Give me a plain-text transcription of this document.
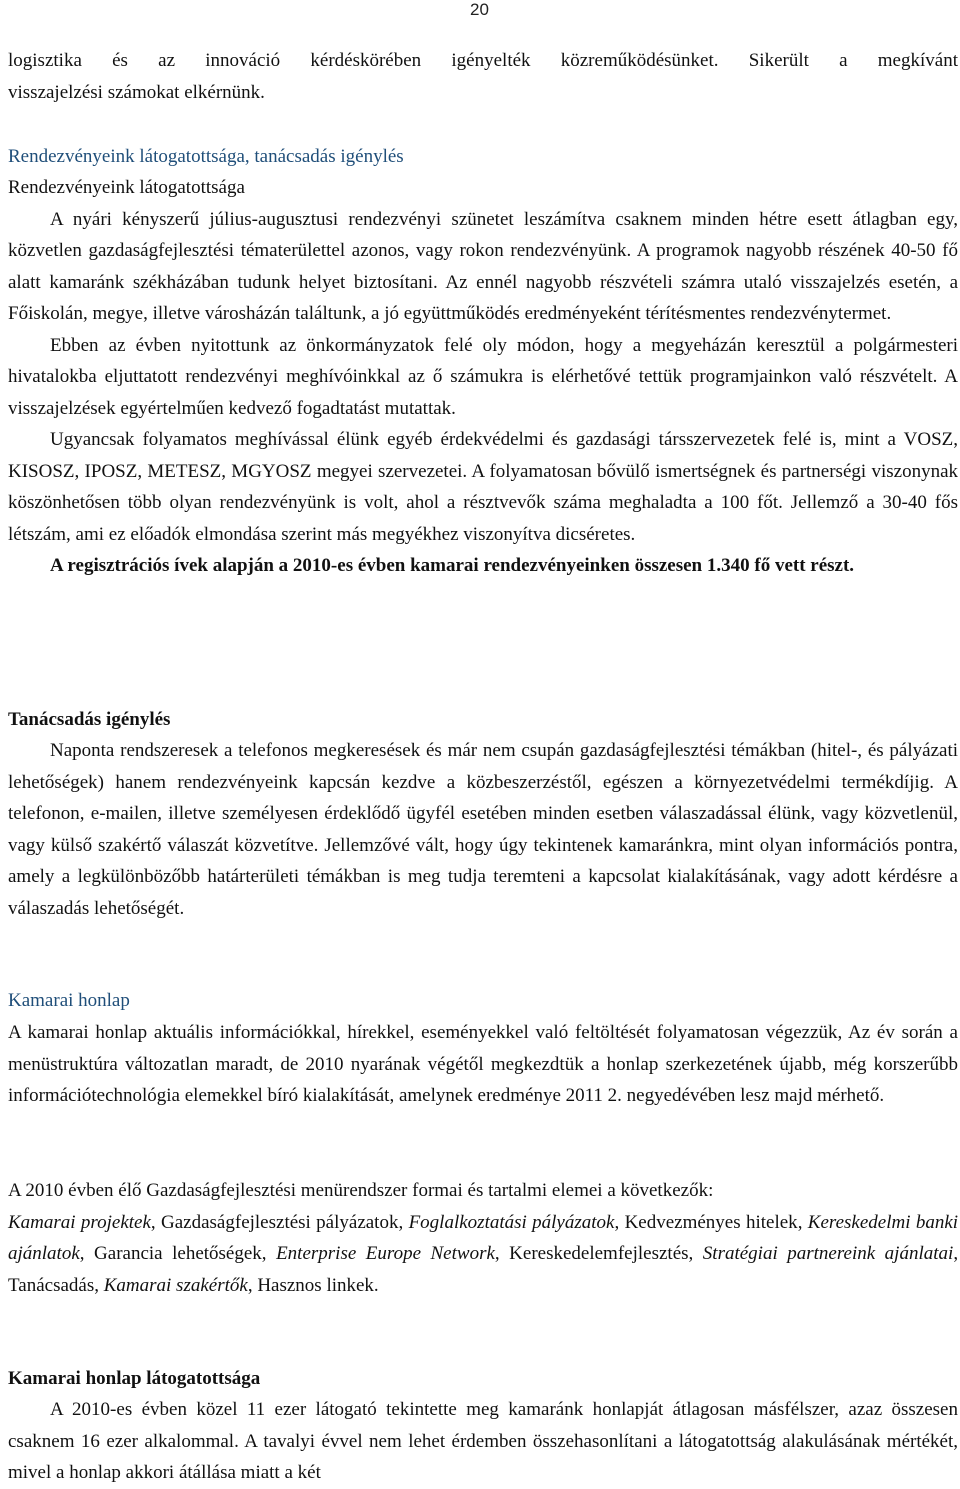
20

logisztika és az innováció kérdéskörében igényelték közreműködésünket. Sikerült a megkívánt

visszajelzési számokat elkérnünk.

Rendezvényeink látogatottsága, tanácsadás igénylés

Rendezvényeink látogatottsága

A nyári kényszerű július-augusztusi rendezvényi szünetet leszámítva csaknem minden hétre esett átlagban egy, közvetlen gazdaságfejlesztési tématerülettel azonos, vagy rokon rendezvényünk. A programok nagyobb részének 40-50 fő alatt kamaránk székházában tudunk helyet biztosítani. Az ennél nagyobb részvételi számra utaló visszajelzés esetén, a Főiskolán, megye, illetve városházán találtunk, a jó együttműködés eredményeként térítésmentes rendezvénytermet.

Ebben az évben nyitottunk az önkormányzatok felé oly módon, hogy a megyeházán keresztül a polgármesteri hivatalokba eljuttatott rendezvényi meghívóinkkal az ő számukra is elérhetővé tettük programjainkon való részvételt. A visszajelzések egyértelműen kedvező fogadtatást mutattak.

Ugyancsak folyamatos meghívással élünk egyéb érdekvédelmi és gazdasági társszervezetek felé is, mint a VOSZ, KISOSZ, IPOSZ, METESZ, MGYOSZ megyei szervezetei. A folyamatosan bővülő ismertségnek és partnerségi viszonynak köszönhetősen több olyan rendezvényünk is volt, ahol a résztvevők száma meghaladta a 100 főt. Jellemző a 30-40 fős létszám, ami ez előadók elmondása szerint más megyékhez viszonyítva dicséretes.

A regisztrációs ívek alapján a 2010-es évben kamarai rendezvényeinken összesen 1.340 fő vett részt.

Tanácsadás igénylés

Naponta rendszeresek a telefonos megkeresések és már nem csupán gazdaságfejlesztési témákban (hitel-, és pályázati lehetőségek) hanem rendezvényeink kapcsán kezdve a közbeszerzéstől, egészen a környezetvédelmi termékdíjig. A telefonon, e-mailen, illetve személyesen érdeklődő ügyfél esetében minden esetben válaszadással élünk, vagy közvetlenül, vagy külső szakértő válaszát közvetítve. Jellemzővé vált, hogy úgy tekintenek kamaránkra, mint olyan információs pontra, amely a legkülönbözőbb határterületi témákban is meg tudja teremteni a kapcsolat kialakításának, vagy adott kérdésre a válaszadás lehetőségét.

Kamarai honlap

A kamarai honlap aktuális információkkal, hírekkel, eseményekkel való feltöltését folyamatosan végezzük, Az év során a menüstruktúra változatlan maradt, de 2010 nyarának végétől megkezdtük a honlap szerkezetének újabb, még korszerűbb információtechnológia elemekkel bíró kialakítását, amelynek eredménye 2011 2. negyedévében lesz majd mérhető.

A 2010 évben élő Gazdaságfejlesztési menürendszer formai és tartalmi elemei a következők:

Kamarai projektek, Gazdaságfejlesztési pályázatok, Foglalkoztatási pályázatok, Kedvezményes hitelek, Kereskedelmi banki ajánlatok, Garancia lehetőségek, Enterprise Europe Network, Kereskedelemfejlesztés, Stratégiai partnereink ajánlatai, Tanácsadás, Kamarai szakértők, Hasznos linkek.

Kamarai honlap látogatottsága

A 2010-es évben közel 11 ezer látogató tekintette meg kamaránk honlapját átlagosan másfélszer, azaz összesen csaknem 16 ezer alkalommal. A tavalyi évvel nem lehet érdemben összehasonlítani a látogatottság alakulásának mértékét, mivel a honlap akkori átállása miatt a két
